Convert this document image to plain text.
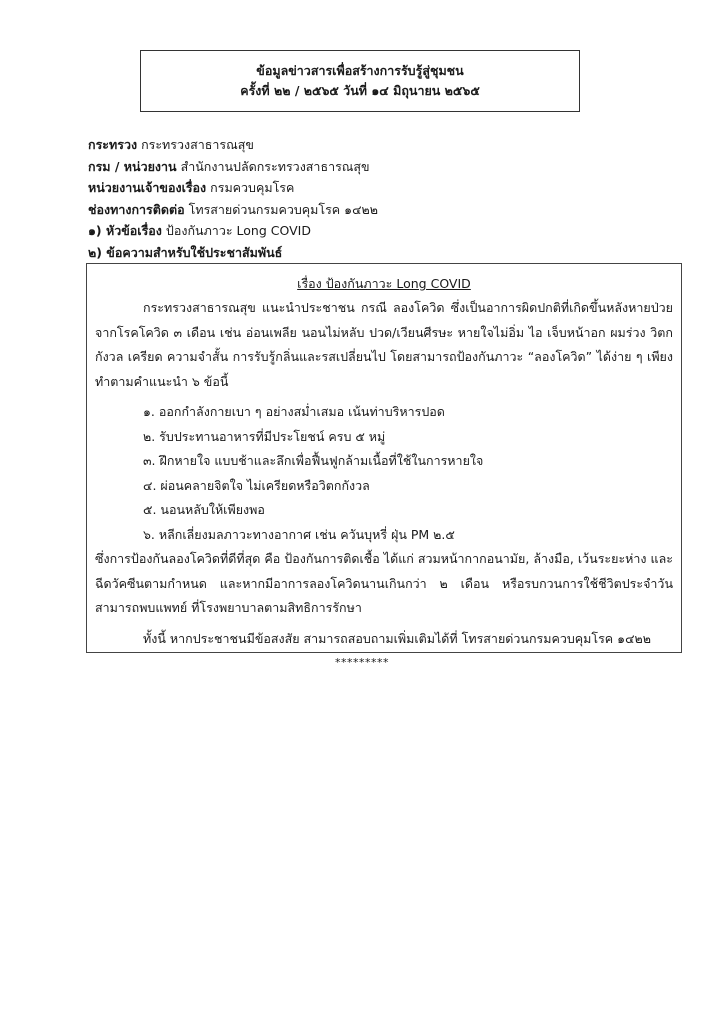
ข้อมูลข่าวสารเพื่อสร้างการรับรู้สู่ชุมชน
ครั้งที่ ๒๒ / ๒๕๖๕ วันที่ ๑๔ มิถุนายน ๒๕๖๕
กระทรวง กระทรวงสาธารณสุข
กรม / หน่วยงาน สำนักงานปลัดกระทรวงสาธารณสุข
หน่วยงานเจ้าของเรื่อง กรมควบคุมโรค
ช่องทางการติดต่อ โทรสายด่วนกรมควบคุมโรค ๑๔๒๒
๑) หัวข้อเรื่อง ป้องกันภาวะ Long COVID
๒) ข้อความสำหรับใช้ประชาสัมพันธ์
เรื่อง ป้องกันภาวะ Long COVID
กระทรวงสาธารณสุข แนะนำประชาชน กรณี ลองโควิด ซึ่งเป็นอาการผิดปกติที่เกิดขึ้นหลังหายป่วยจากโรคโควิด ๓ เดือน เช่น อ่อนเพลีย นอนไม่หลับ ปวด/เวียนศีรษะ หายใจไม่อิ่ม ไอ เจ็บหน้าอก ผมร่วง วิตกกังวล เครียด ความจำสั้น การรับรู้กลิ่นและรสเปลี่ยนไป โดยสามารถป้องกันภาวะ “ลองโควิด” ได้ง่าย ๆ เพียงทำตามคำแนะนำ ๖ ข้อนี้
๑. ออกกำลังกายเบา ๆ อย่างสม่ำเสมอ เน้นท่าบริหารปอด
๒. รับประทานอาหารที่มีประโยชน์ ครบ ๕ หมู่
๓. ฝึกหายใจ แบบช้าและลึกเพื่อฟื้นฟูกล้ามเนื้อที่ใช้ในการหายใจ
๔. ผ่อนคลายจิตใจ ไม่เครียดหรือวิตกกังวล
๕. นอนหลับให้เพียงพอ
๖. หลีกเลี่ยงมลภาวะทางอากาศ เช่น ควันบุหรี่ ฝุ่น PM ๒.๕
ซึ่งการป้องกันลองโควิดที่ดีที่สุด คือ ป้องกันการติดเชื้อ ได้แก่ สวมหน้ากากอนามัย, ล้างมือ, เว้นระยะห่าง และฉีดวัคซีนตามกำหนด และหากมีอาการลองโควิดนานเกินกว่า ๒ เดือน หรือรบกวนการใช้ชีวิตประจำวัน สามารถพบแพทย์ ที่โรงพยาบาลตามสิทธิการรักษา
ทั้งนี้ หากประชาชนมีข้อสงสัย สามารถสอบถามเพิ่มเติมได้ที่ โทรสายด่วนกรมควบคุมโรค ๑๔๒๒
*********
